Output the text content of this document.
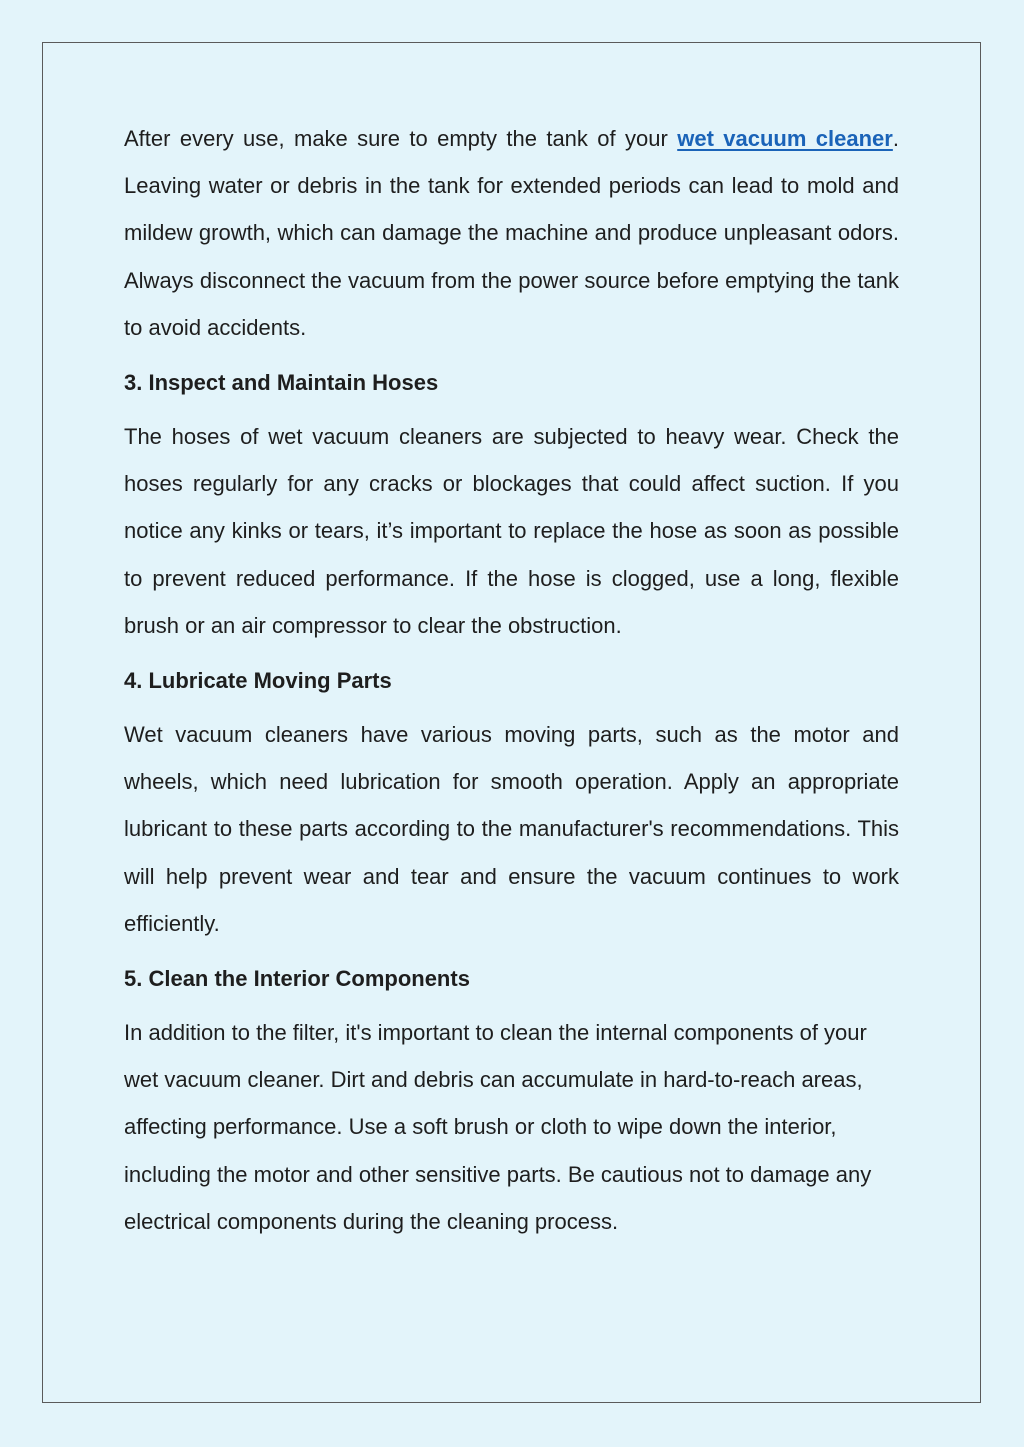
After every use, make sure to empty the tank of your wet vacuum cleaner. Leaving water or debris in the tank for extended periods can lead to mold and mildew growth, which can damage the machine and produce unpleasant odors. Always disconnect the vacuum from the power source before emptying the tank to avoid accidents.

3. Inspect and Maintain Hoses

The hoses of wet vacuum cleaners are subjected to heavy wear. Check the hoses regularly for any cracks or blockages that could affect suction. If you notice any kinks or tears, it’s important to replace the hose as soon as possible to prevent reduced performance. If the hose is clogged, use a long, flexible brush or an air compressor to clear the obstruction.

4. Lubricate Moving Parts

Wet vacuum cleaners have various moving parts, such as the motor and wheels, which need lubrication for smooth operation. Apply an appropriate lubricant to these parts according to the manufacturer's recommendations. This will help prevent wear and tear and ensure the vacuum continues to work efficiently.

5. Clean the Interior Components

In addition to the filter, it's important to clean the internal components of your wet vacuum cleaner. Dirt and debris can accumulate in hard-to-reach areas, affecting performance. Use a soft brush or cloth to wipe down the interior, including the motor and other sensitive parts. Be cautious not to damage any electrical components during the cleaning process.
